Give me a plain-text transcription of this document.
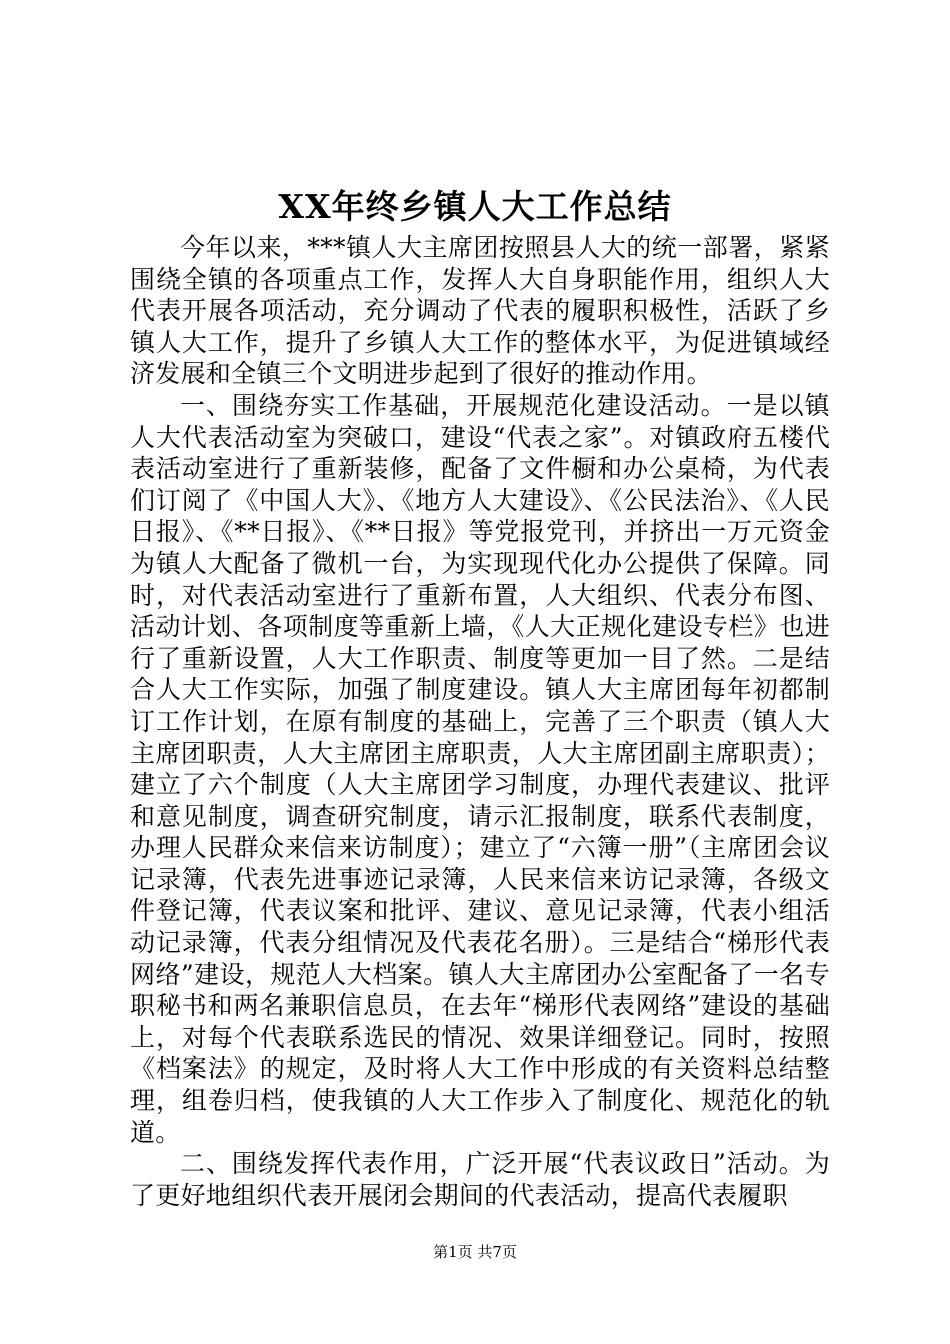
XX年终乡镇人大工作总结

今年以来，***镇人大主席团按照县人大的统一部署，紧紧围绕全镇的各项重点工作，发挥人大自身职能作用，组织人大代表开展各项活动，充分调动了代表的履职积极性，活跃了乡镇人大工作，提升了乡镇人大工作的整体水平，为促进镇域经济发展和全镇三个文明进步起到了很好的推动作用。

一、围绕夯实工作基础，开展规范化建设活动。一是以镇人大代表活动室为突破口，建设“代表之家”。对镇政府五楼代表活动室进行了重新装修，配备了文件橱和办公桌椅，为代表们订阅了《中国人大》、《地方人大建设》、《公民法治》、《人民日报》、《**日报》、《**日报》等党报党刊，并挤出一万元资金为镇人大配备了微机一台，为实现现代化办公提供了保障。同时，对代表活动室进行了重新布置，人大组织、代表分布图、活动计划、各项制度等重新上墙，《人大正规化建设专栏》也进行了重新设置，人大工作职责、制度等更加一目了然。二是结合人大工作实际，加强了制度建设。镇人大主席团每年初都制订工作计划，在原有制度的基础上，完善了三个职责（镇人大主席团职责，人大主席团主席职责，人大主席团副主席职责）；建立了六个制度（人大主席团学习制度，办理代表建议、批评和意见制度，调查研究制度，请示汇报制度，联系代表制度，办理人民群众来信来访制度）；建立了“六簿一册”（主席团会议记录簿，代表先进事迹记录簿，人民来信来访记录簿，各级文件登记簿，代表议案和批评、建议、意见记录簿，代表小组活动记录簿，代表分组情况及代表花名册）。三是结合“梯形代表网络”建设，规范人大档案。镇人大主席团办公室配备了一名专职秘书和两名兼职信息员，在去年“梯形代表网络”建设的基础上，对每个代表联系选民的情况、效果详细登记。同时，按照《档案法》的规定，及时将人大工作中形成的有关资料总结整理，组卷归档，使我镇的人大工作步入了制度化、规范化的轨道。

二、围绕发挥代表作用，广泛开展“代表议政日”活动。为了更好地组织代表开展闭会期间的代表活动，提高代表履职

第1页 共7页
